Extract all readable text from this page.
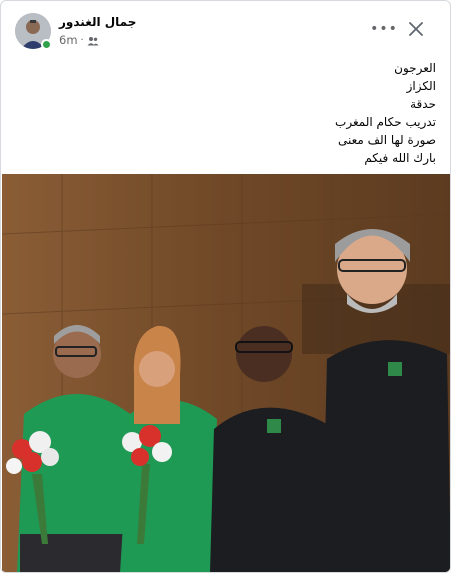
جمال الغندور
6m ·
•••
العرجون
الكزاز
حدقة
تدريب حكام المغرب
صورة لها الف معنى
بارك الله فيكم
